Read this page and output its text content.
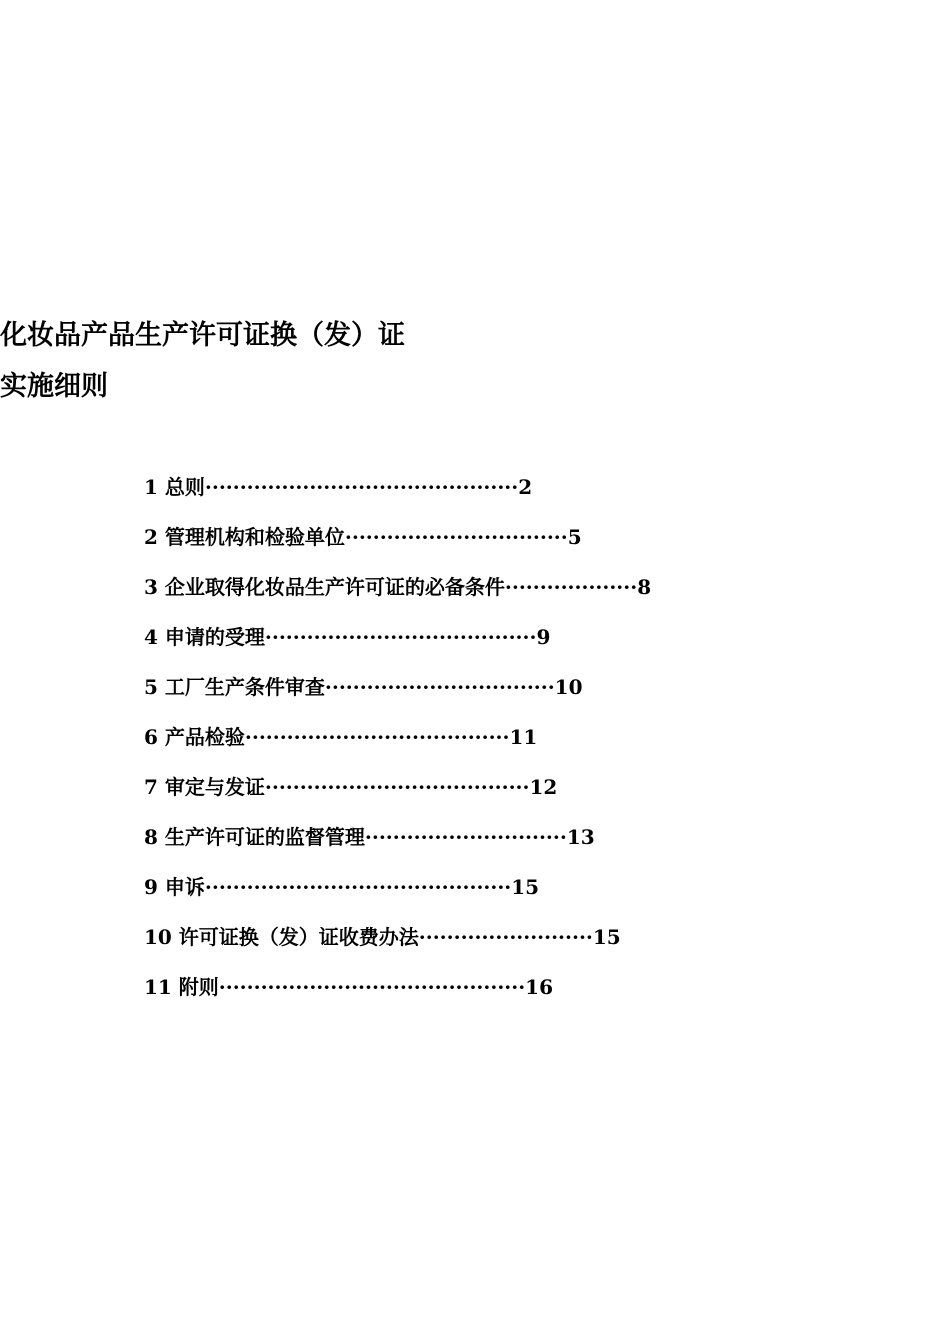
化妆品产品生产许可证换（发）证
实施细则
1 总则·············································2
2 管理机构和检验单位································5
3 企业取得化妆品生产许可证的必备条件···················8
4 申请的受理·······································9
5 工厂生产条件审查·································10
6 产品检验······································11
7 审定与发证······································12
8 生产许可证的监督管理·····························13
9 申诉············································15
10 许可证换（发）证收费办法·························15
11 附则············································16
